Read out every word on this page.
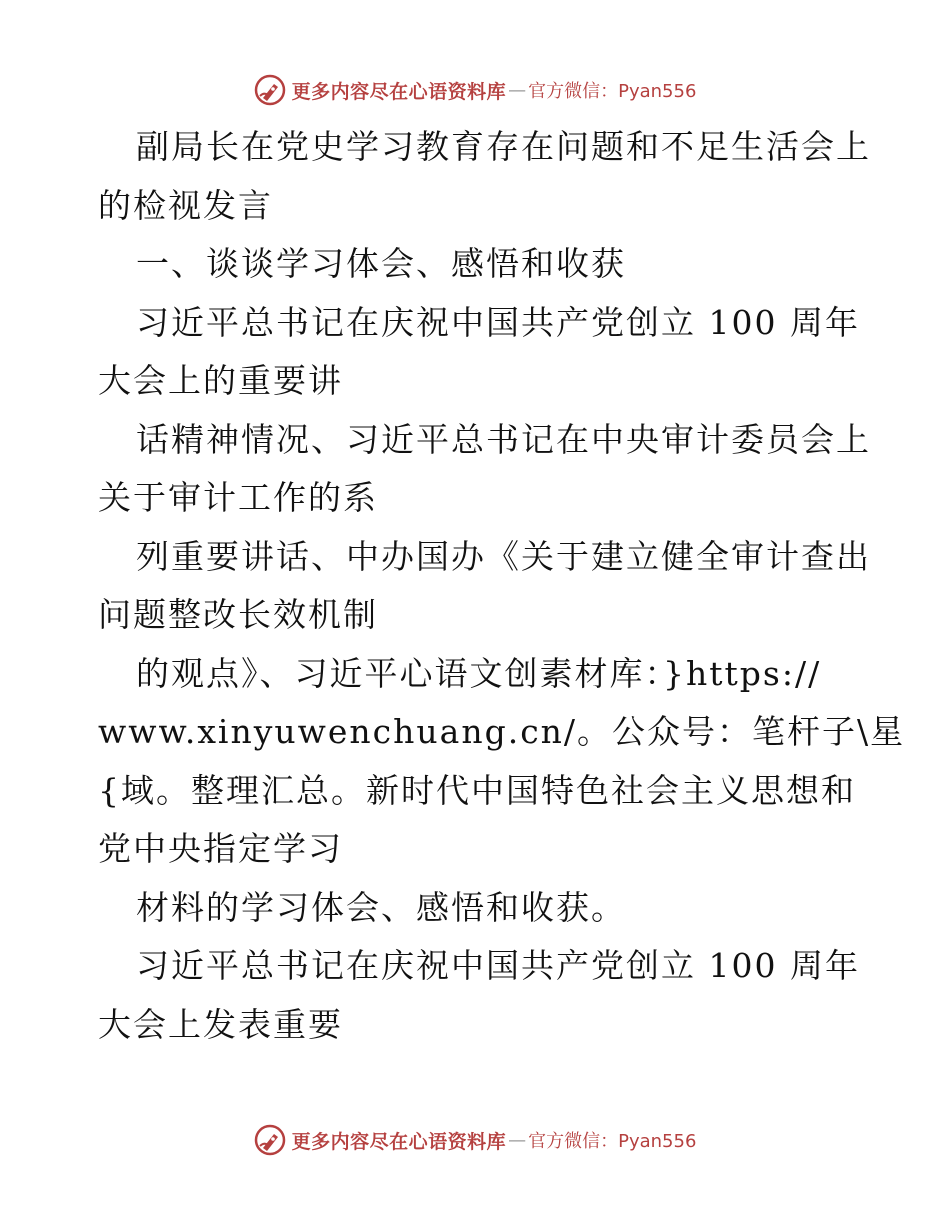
更多内容尽在心语资料库 — 官方微信：Pyan556
副局长在党史学习教育存在问题和不足生活会上
的检视发言
一、谈谈学习体会、感悟和收获
习近平总书记在庆祝中国共产党创立 100 周年
大会上的重要讲
话精神情况、习近平总书记在中央审计委员会上
关于审计工作的系
列重要讲话、中办国办《关于建立健全审计查出
问题整改长效机制
的观点》、习近平心语文创素材库：}https://
www.xinyuwenchuang.cn/。公众号：笔杆子\星
{域。整理汇总。新时代中国特色社会主义思想和
党中央指定学习
材料的学习体会、感悟和收获。
习近平总书记在庆祝中国共产党创立 100 周年
大会上发表重要
更多内容尽在心语资料库 — 官方微信：Pyan556
